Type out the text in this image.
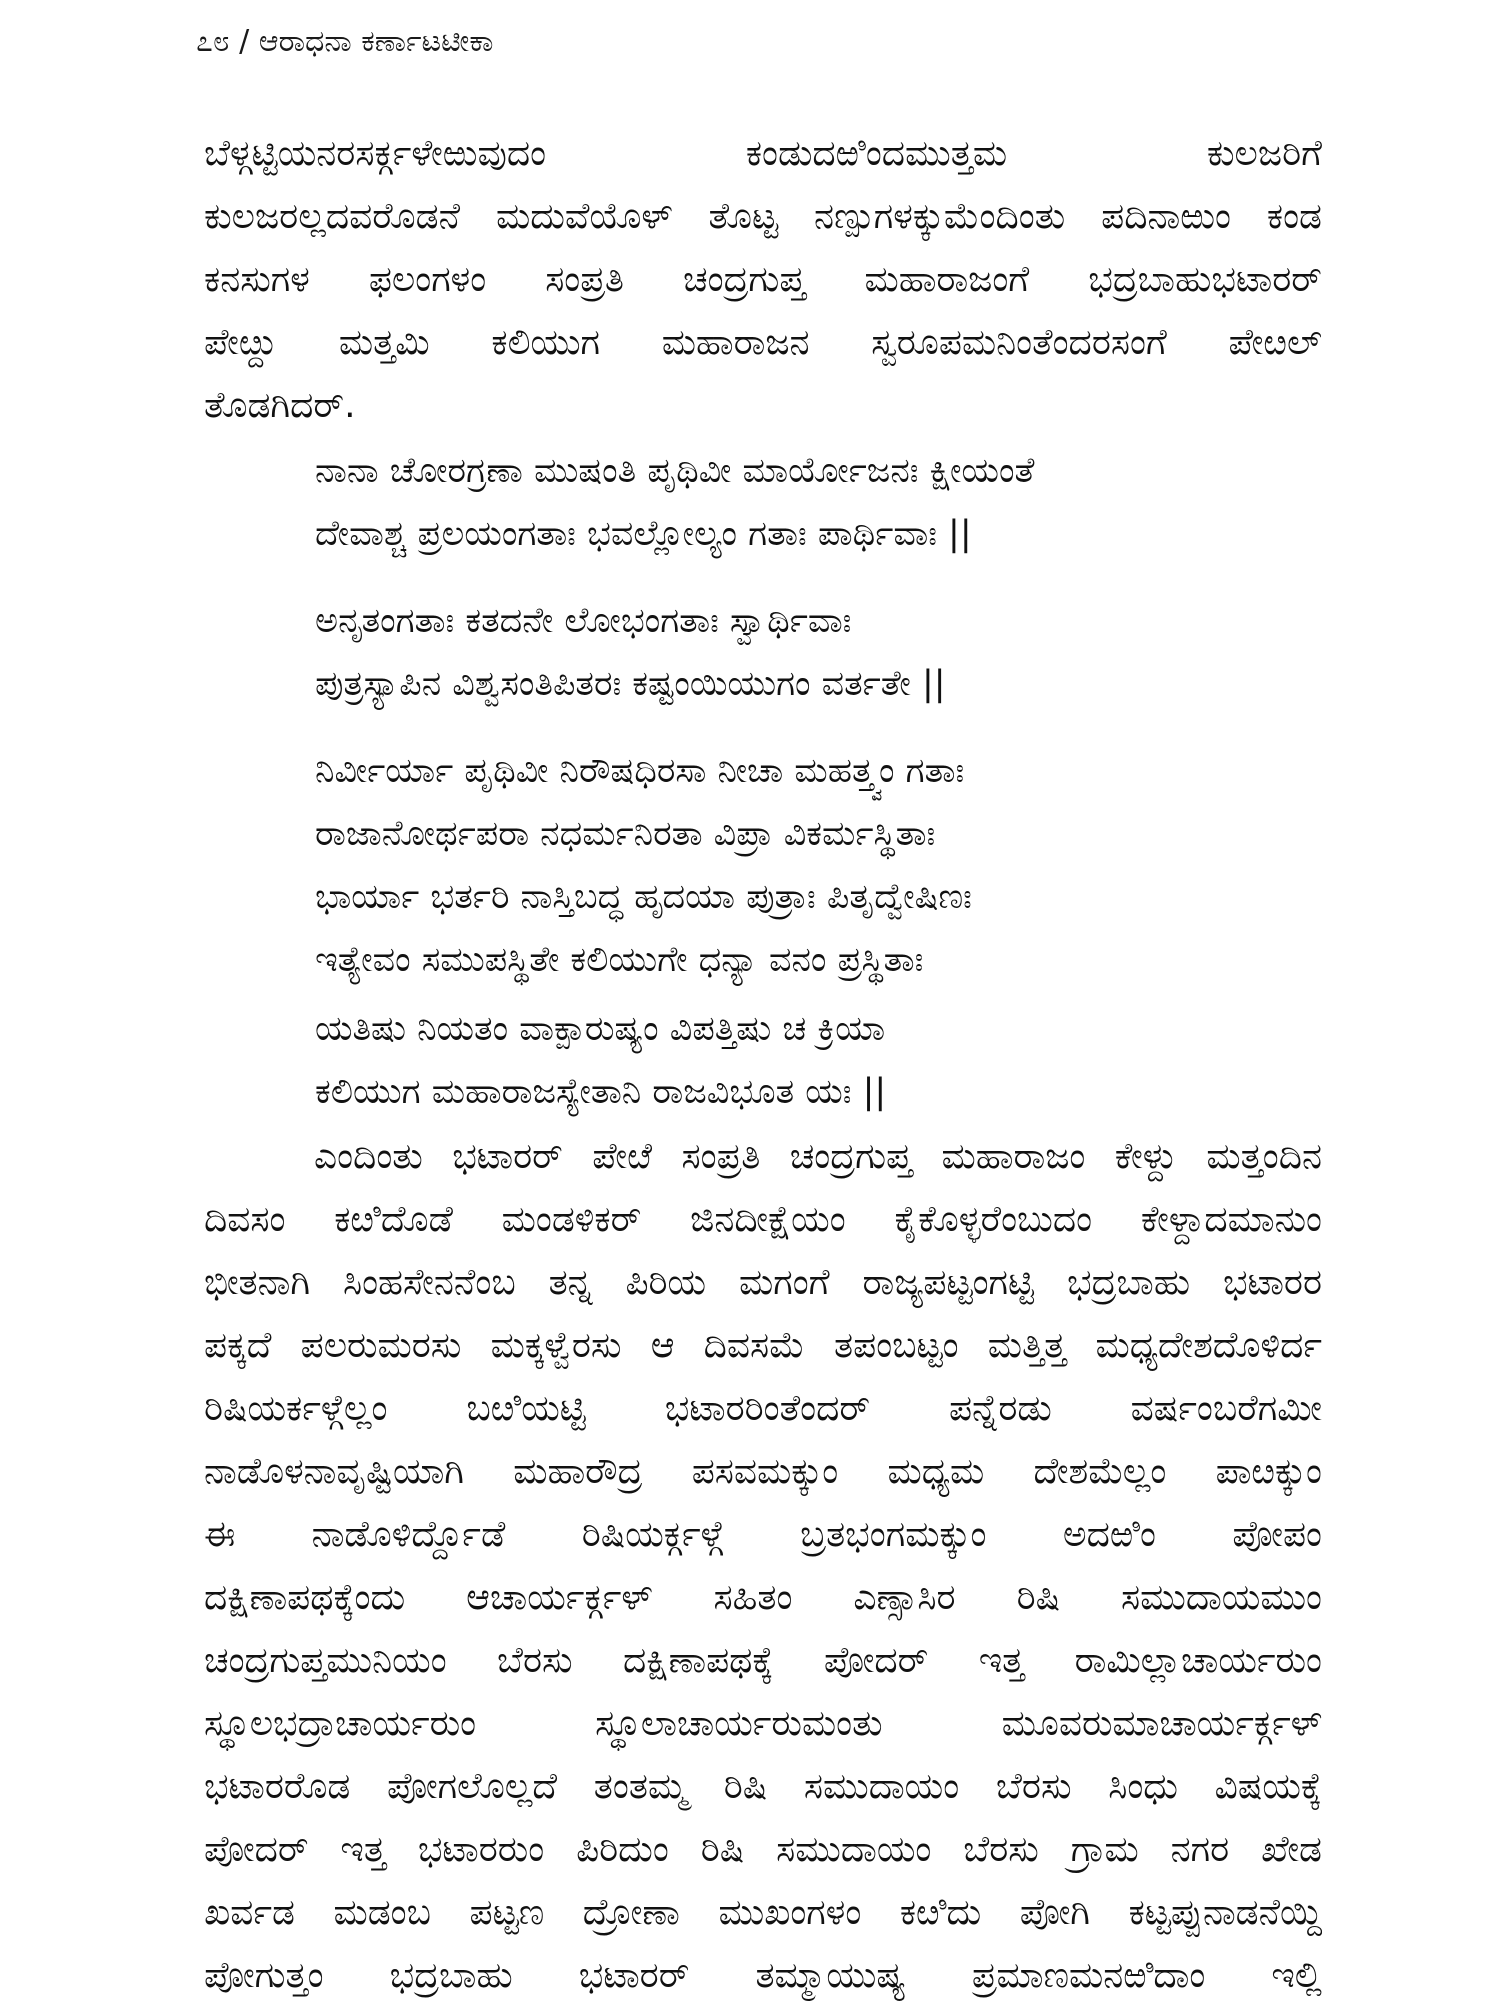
೭೮ / ಆರಾಧನಾ ಕರ್ಣಾಟಟೀಕಾ
ಬೆಳ್ಗಟ್ಟಿಯನರಸರ್ಕ್ಗಳೇಱುವುದಂ ಕಂಡುದಱಿಂದಮುತ್ತಮ ಕುಲಜರಿಗೆ
ಕುಲಜರಲ್ಲದವರೊಡನೆ ಮದುವೆಯೊಳ್ ತೊಟ್ಟ ನಣ್ಪುಗಳಕ್ಕುಮೆಂದಿಂತು ಪದಿನಾಱುಂ ಕಂಡ
ಕನಸುಗಳ ಫಲಂಗಳಂ ಸಂಪ್ರತಿ ಚಂದ್ರಗುಪ್ತ ಮಹಾರಾಜಂಗೆ ಭದ್ರಬಾಹುಭಟಾರರ್
ಪೇೞ್ದು ಮತ್ತಮಿ ಕಲಿಯುಗ ಮಹಾರಾಜನ ಸ್ವರೂಪಮನಿಂತೆಂದರಸಂಗೆ ಪೇೞಲ್
ತೊಡಗಿದರ್.
ನಾನಾ ಚೋರಗ್ರಣಾ ಮುಷಂತಿ ಪೃಥಿವೀ ಮಾರ್ಯೋಜನಃ ಕ್ಷೀಯಂತೆ
ದೇವಾಶ್ಚ ಪ್ರಲಯಂಗತಾಃ ಭವಲ್ಲೋಲ್ಯಂ ಗತಾಃ ಪಾರ್ಥಿವಾಃ ||
ಅನೃತಂಗತಾಃ ಕತದನೇ ಲೋಭಂಗತಾಃ ಸ್ವಾರ್ಥಿವಾಃ
ಪುತ್ರಸ್ಯಾಪಿನ ವಿಶ್ವಸಂತಿಪಿತರಃ ಕಷ್ಟಂಯಿಯುಗಂ ವರ್ತತೇ ||
ನಿರ್ವೀರ್ಯಾ ಪೃಥಿವೀ ನಿರೌಷಧಿರಸಾ ನೀಚಾ ಮಹತ್ತ್ವಂ ಗತಾಃ
ರಾಜಾನೋರ್ಥಪರಾ ನಧರ್ಮನಿರತಾ ವಿಪ್ರಾ ವಿಕರ್ಮಸ್ಥಿತಾಃ
ಭಾರ್ಯಾ ಭರ್ತರಿ ನಾಸ್ತಿಬದ್ಧ ಹೃದಯಾ ಪುತ್ರಾಃ ಪಿತೃದ್ವೇಷಿಣಃ
ಇತ್ಯೇವಂ ಸಮುಪಸ್ಥಿತೇ ಕಲಿಯುಗೇ ಧನ್ಯಾ ವನಂ ಪ್ರಸ್ಥಿತಾಃ
ಯತಿಷು ನಿಯತಂ ವಾಕ್ಪಾರುಷ್ಯಂ ವಿಪತ್ತಿಷು ಚ ಕ್ರಿಯಾ
ಕಲಿಯುಗ ಮಹಾರಾಜಸ್ಯೇತಾನಿ ರಾಜವಿಭೂತ ಯಃ ||
ಎಂದಿಂತು ಭಟಾರರ್ ಪೇೞೆ ಸಂಪ್ರತಿ ಚಂದ್ರಗುಪ್ತ ಮಹಾರಾಜಂ ಕೇಳ್ದು ಮತ್ತಂದಿನ
ದಿವಸಂ ಕೞಿದೊಡೆ ಮಂಡಳಿಕರ್ ಜಿನದೀಕ್ಷೆಯಂ ಕೈಕೊಳ್ಳರೆಂಬುದಂ ಕೇಳ್ದಾದಮಾನುಂ
ಭೀತನಾಗಿ ಸಿಂಹಸೇನನೆಂಬ ತನ್ನ ಪಿರಿಯ ಮಗಂಗೆ ರಾಜ್ಯಪಟ್ಟಂಗಟ್ಟಿ ಭದ್ರಬಾಹು ಭಟಾರರ
ಪಕ್ಕದೆ ಪಲರುಮರಸು ಮಕ್ಕಳ್ವೆರಸು ಆ ದಿವಸಮೆ ತಪಂಬಟ್ಟಂ ಮತ್ತಿತ್ತ ಮಧ್ಯದೇಶದೊಳಿರ್ದ
ರಿಷಿಯರ್ಕಳ್ಗೆಲ್ಲಂ ಬೞಿಯಟ್ಟಿ ಭಟಾರರಿಂತೆಂದರ್ ಪನ್ನೆರಡು ವರ್ಷಂಬರೆಗಮೀ
ನಾಡೊಳನಾವೃಷ್ಟಿಯಾಗಿ ಮಹಾರೌದ್ರ ಪಸವಮಕ್ಕುಂ ಮಧ್ಯಮ ದೇಶಮೆಲ್ಲಂ ಪಾೞಕ್ಕುಂ
ಈ ನಾಡೊಳಿರ್ದ್ದೊಡೆ ರಿಷಿಯರ್ಕ್ಗಳ್ಗೆ ಬ್ರತಭಂಗಮಕ್ಕುಂ ಅದಱಿಂ ಪೋಪಂ
ದಕ್ಷಿಣಾಪಥಕ್ಕೆಂದು ಆಚಾರ್ಯರ್ಕ್ಗಳ್ ಸಹಿತಂ ಎಣ್ಸಾಸಿರ ರಿಷಿ ಸಮುದಾಯಮುಂ
ಚಂದ್ರಗುಪ್ತಮುನಿಯಂ ಬೆರಸು ದಕ್ಷಿಣಾಪಥಕ್ಕೆ ಪೋದರ್ ಇತ್ತ ರಾಮಿಲ್ಲಾಚಾರ್ಯರುಂ
ಸ್ಥೂಲಭದ್ರಾಚಾರ್ಯರುಂ ಸ್ಥೂಲಾಚಾರ್ಯರುಮಂತು ಮೂವರುಮಾಚಾರ್ಯರ್ಕ್ಗಳ್
ಭಟಾರರೊಡ ಪೋಗಲೊಲ್ಲದೆ ತಂತಮ್ಮ ರಿಷಿ ಸಮುದಾಯಂ ಬೆರಸು ಸಿಂಧು ವಿಷಯಕ್ಕೆ
ಪೋದರ್ ಇತ್ತ ಭಟಾರರುಂ ಪಿರಿದುಂ ರಿಷಿ ಸಮುದಾಯಂ ಬೆರಸು ಗ್ರಾಮ ನಗರ ಖೇಡ
ಖರ್ವಡ ಮಡಂಬ ಪಟ್ಟಣ ದ್ರೋಣಾ ಮುಖಂಗಳಂ ಕೞಿದು ಪೋಗಿ ಕಟ್ಟಪ್ಪುನಾಡನೆಯ್ದಿ
ಪೋಗುತ್ತಂ ಭದ್ರಬಾಹು ಭಟಾರರ್ ತಮ್ಮಾಯುಷ್ಯ ಪ್ರಮಾಣಮನಱಿದಾಂ ಇಲ್ಲಿ
